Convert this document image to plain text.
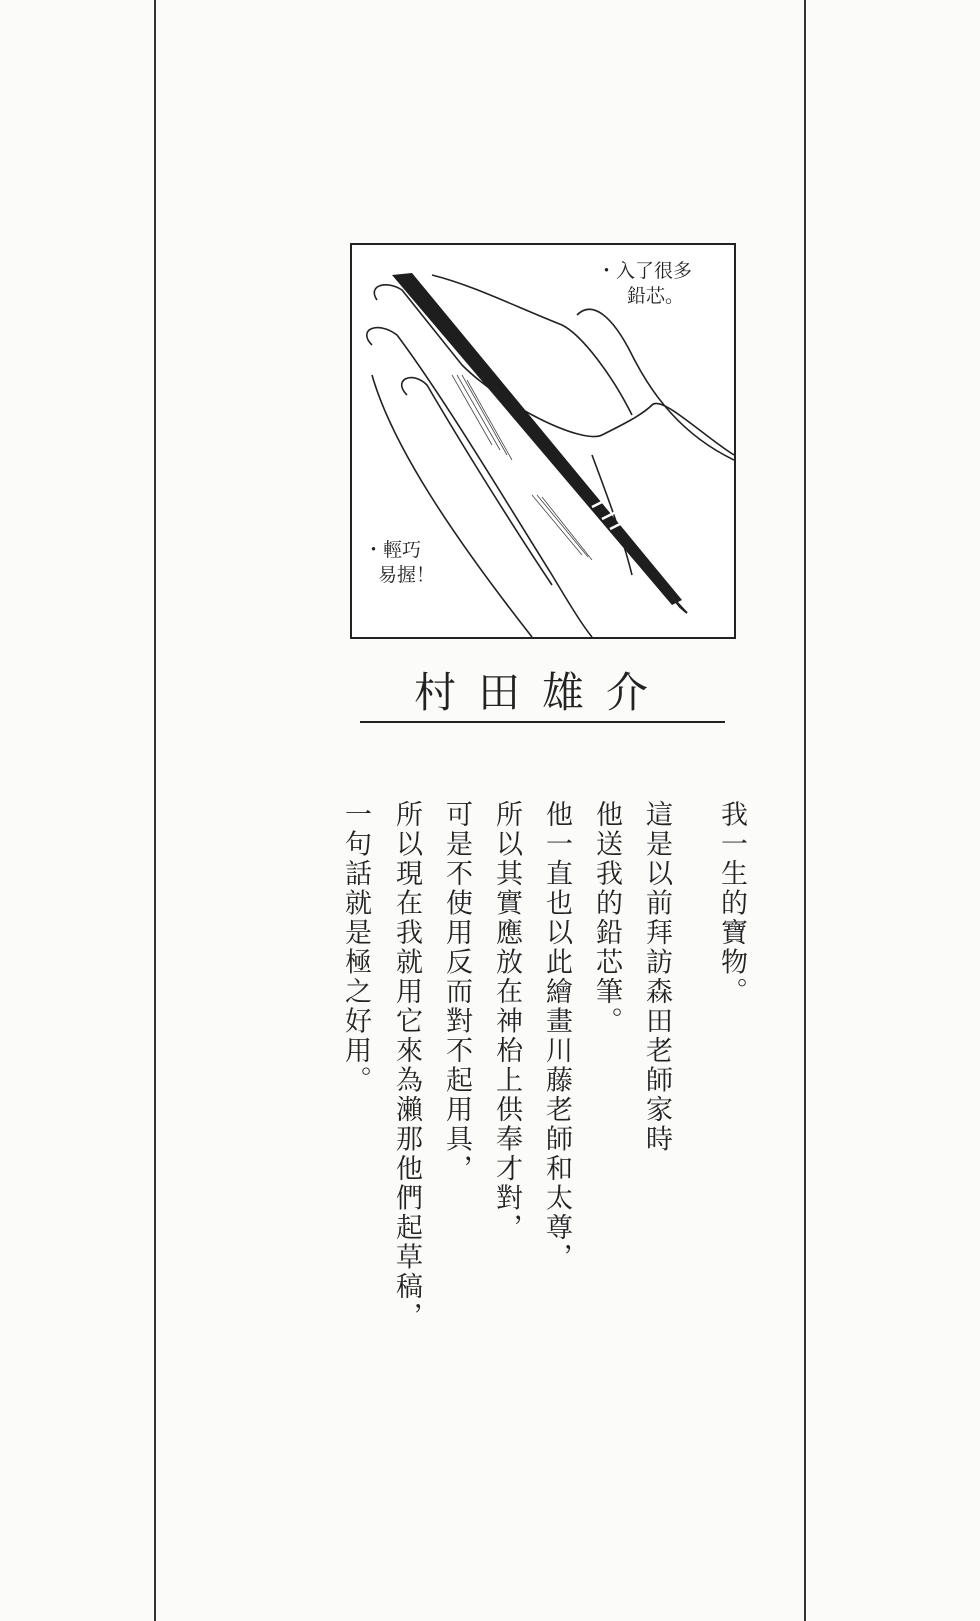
・入了很多
鉛芯。
・輕巧
易握！
村田雄介
我一生的寶物。
這是以前拜訪森田老師家時
他送我的鉛芯筆。
他一直也以此繪畫川藤老師和太尊，
所以其實應放在神枱上供奉才對，
可是不使用反而對不起用具，
所以現在我就用它來為瀨那他們起草稿，
一句話就是極之好用。
